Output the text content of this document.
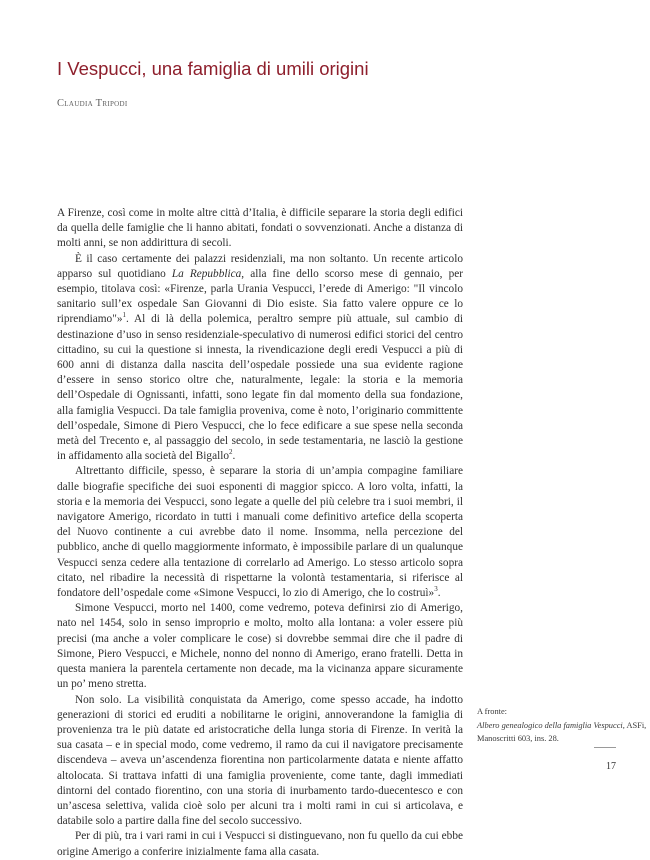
I Vespucci, una famiglia di umili origini

Claudia Tripodi

A Firenze, così come in molte altre città d’Italia, è difficile separare la storia degli edifici da quella delle famiglie che li hanno abitati, fondati o sovvenzionati. Anche a distanza di molti anni, se non addirittura di secoli.

È il caso certamente dei palazzi residenziali, ma non soltanto. Un recente articolo apparso sul quotidiano La Repubblica, alla fine dello scorso mese di gennaio, per esempio, titolava così: «Firenze, parla Urania Vespucci, l’erede di Amerigo: "Il vincolo sanitario sull’ex ospedale San Giovanni di Dio esiste. Sia fatto valere oppure ce lo riprendiamo"»$^1$. Al di là della polemica, peraltro sempre più attuale, sul cambio di destinazione d’uso in senso residenziale-speculativo di numerosi edifici storici del centro cittadino, su cui la questione si innesta, la rivendicazione degli eredi Vespucci a più di 600 anni di distanza dalla nascita dell’ospedale possiede una sua evidente ragione d’essere in senso storico oltre che, naturalmente, legale: la storia e la memoria dell’Ospedale di Ognissanti, infatti, sono legate fin dal momento della sua fondazione, alla famiglia Vespucci. Da tale famiglia proveniva, come è noto, l’originario committente dell’ospedale, Simone di Piero Vespucci, che lo fece edificare a sue spese nella seconda metà del Trecento e, al passaggio del secolo, in sede testamentaria, ne lasciò la gestione in affidamento alla società del Bigallo$^2$.

Altrettanto difficile, spesso, è separare la storia di un’ampia compagine familiare dalle biografie specifiche dei suoi esponenti di maggior spicco. A loro volta, infatti, la storia e la memoria dei Vespucci, sono legate a quelle del più celebre tra i suoi membri, il navigatore Amerigo, ricordato in tutti i manuali come definitivo artefice della scoperta del Nuovo continente a cui avrebbe dato il nome. Insomma, nella percezione del pubblico, anche di quello maggiormente informato, è impossibile parlare di un qualunque Vespucci senza cedere alla tentazione di correlarlo ad Amerigo. Lo stesso articolo sopra citato, nel ribadire la necessità di rispettarne la volontà testamentaria, si riferisce al fondatore dell’ospedale come «Simone Vespucci, lo zio di Amerigo, che lo costruì»$^3$.

Simone Vespucci, morto nel 1400, come vedremo, poteva definirsi zio di Amerigo, nato nel 1454, solo in senso improprio e molto, molto alla lontana: a voler essere più precisi (ma anche a voler complicare le cose) si dovrebbe semmai dire che il padre di Simone, Piero Vespucci, e Michele, nonno del nonno di Amerigo, erano fratelli. Detta in questa maniera la parentela certamente non decade, ma la vicinanza appare sicuramente un po’ meno stretta.

Non solo. La visibilità conquistata da Amerigo, come spesso accade, ha indotto generazioni di storici ed eruditi a nobilitarne le origini, annoverandone la famiglia di provenienza tra le più datate ed aristocratiche della lunga storia di Firenze. In verità la sua casata – e in special modo, come vedremo, il ramo da cui il navigatore precisamente discendeva – aveva un’ascendenza fiorentina non particolarmente datata e niente affatto altolocata. Si trattava infatti di una famiglia proveniente, come tante, dagli immediati dintorni del contado fiorentino, con una storia di inurbamento tardo-duecentesco e con un’ascesa selettiva, valida cioè solo per alcuni tra i molti rami in cui si articolava, e databile solo a partire dalla fine del secolo successivo.

Per di più, tra i vari rami in cui i Vespucci si distinguevano, non fu quello da cui ebbe origine Amerigo a conferire inizialmente fama alla casata.

A fronte:
Albero genealogico della famiglia Vespucci, ASFi,
Manoscritti 603, ins. 28.
17
